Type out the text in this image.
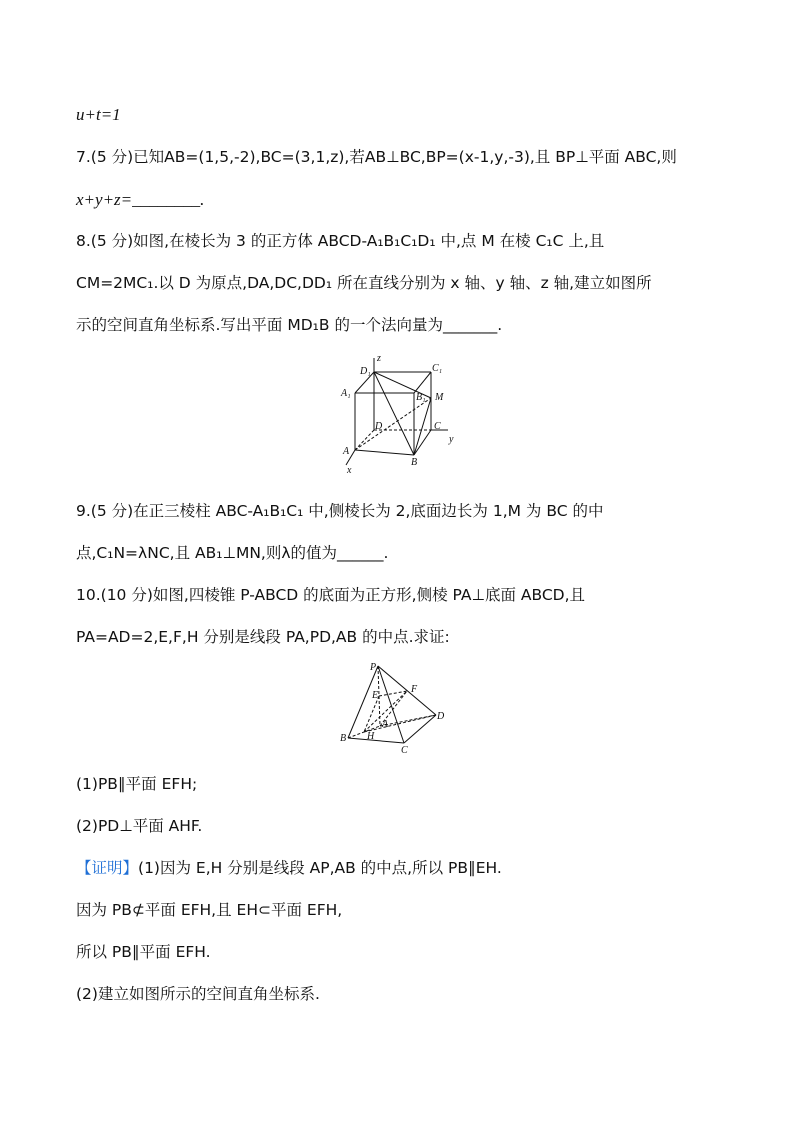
u+t=1
7.(5 分)已知AB=(1,5,-2),BC=(3,1,z),若AB⊥BC,BP=(x-1,y,-3),且 BP⊥平面 ABC,则
x+y+z=________.
8.(5 分)如图,在棱长为 3 的正方体 ABCD-A₁B₁C₁D₁ 中,点 M 在棱 C₁C 上,且
CM=2MC₁.以 D 为原点,DA,DC,DD₁ 所在直线分别为 x 轴、y 轴、z 轴,建立如图所
示的空间直角坐标系.写出平面 MD₁B 的一个法向量为_______.
z
y
x
D₁	C₁
A₁	B₁ M
D	C
A
B
9.(5 分)在正三棱柱 ABC-A₁B₁C₁ 中,侧棱长为 2,底面边长为 1,M 为 BC 的中
点,C₁N=λNC,且 AB₁⊥MN,则λ的值为______.
10.(10 分)如图,四棱锥 P-ABCD 的底面为正方形,侧棱 PA⊥底面 ABCD,且
PA=AD=2,E,F,H 分别是线段 PA,PD,AB 的中点.求证:
P
E
F
D
A
B H
C
(1)PB∥平面 EFH;
(2)PD⊥平面 AHF.
【证明】(1)因为 E,H 分别是线段 AP,AB 的中点,所以 PB∥EH.
因为 PB⊄平面 EFH,且 EH⊂平面 EFH,
所以 PB∥平面 EFH.
(2)建立如图所示的空间直角坐标系.
